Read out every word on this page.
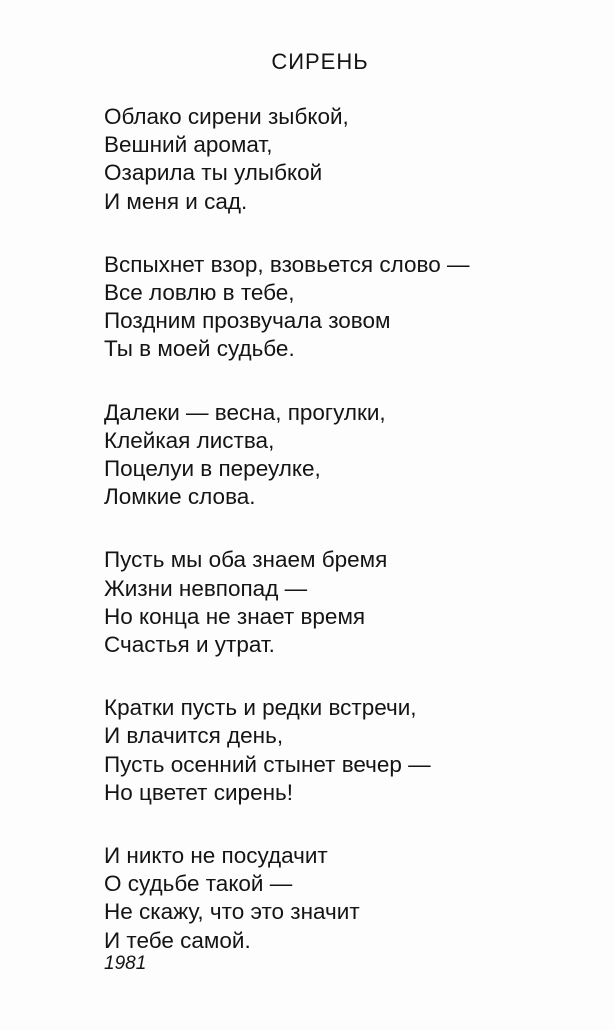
СИРЕНЬ
Облако сирени зыбкой,
Вешний аромат,
Озарила ты улыбкой
И меня и сад.
Вспыхнет взор, взовьется слово —
Все ловлю в тебе,
Поздним прозвучала зовом
Ты в моей судьбе.
Далеки — весна, прогулки,
Клейкая листва,
Поцелуи в переулке,
Ломкие слова.
Пусть мы оба знаем бремя
Жизни невпопад —
Но конца не знает время
Счастья и утрат.
Кратки пусть и редки встречи,
И влачится день,
Пусть осенний стынет вечер —
Но цветет сирень!
И никто не посудачит
О судьбе такой —
Не скажу, что это значит
И тебе самой.
1981
